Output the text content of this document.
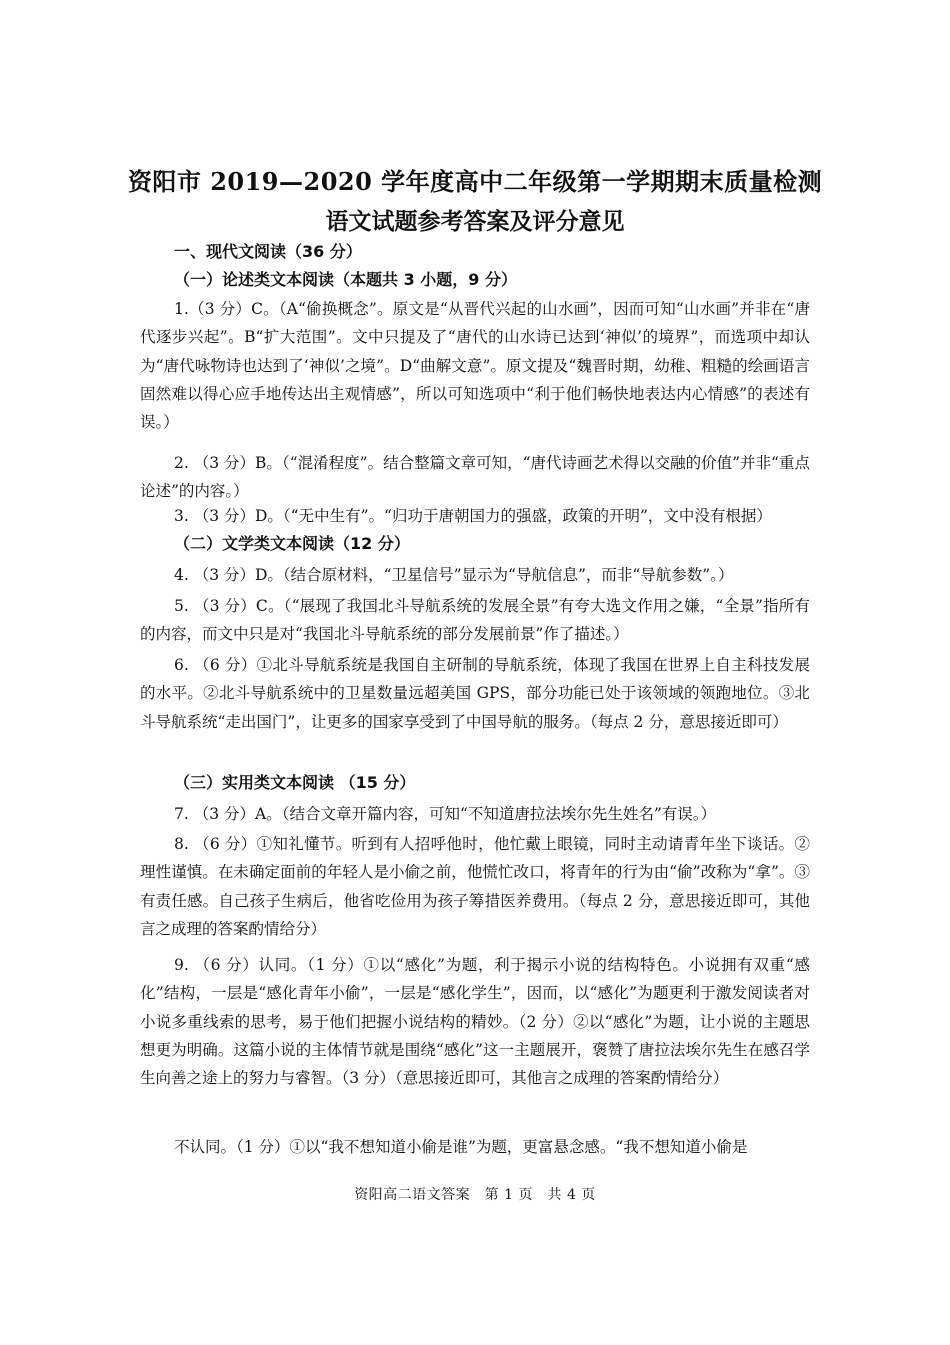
资阳市 2019—2020 学年度高中二年级第一学期期末质量检测
语文试题参考答案及评分意见
一、现代文阅读（36 分）
（一）论述类文本阅读（本题共 3 小题，9 分）
1.（3 分）C。（A“偷换概念”。原文是“从晋代兴起的山水画”，因而可知“山水画”并非在“唐代逐步兴起”。B“扩大范围”。文中只提及了“唐代的山水诗已达到‘神似’的境界”，而选项中却认为“唐代咏物诗也达到了‘神似’之境”。D“曲解文意”。原文提及“魏晋时期，幼稚、粗糙的绘画语言固然难以得心应手地传达出主观情感”，所以可知选项中“利于他们畅快地表达内心情感”的表述有误。）
2. （3 分）B。（“混淆程度”。结合整篇文章可知，“唐代诗画艺术得以交融的价值”并非“重点论述”的内容。）
3. （3 分）D。（“无中生有”。“归功于唐朝国力的强盛，政策的开明”，文中没有根据）
（二）文学类文本阅读（12 分）
4. （3 分）D。（结合原材料，“卫星信号”显示为“导航信息”，而非“导航参数”。）
5. （3 分）C。（“展现了我国北斗导航系统的发展全景”有夸大选文作用之嫌，“全景”指所有的内容，而文中只是对“我国北斗导航系统的部分发展前景”作了描述。）
6. （6 分）①北斗导航系统是我国自主研制的导航系统，体现了我国在世界上自主科技发展的水平。②北斗导航系统中的卫星数量远超美国 GPS，部分功能已处于该领域的领跑地位。③北斗导航系统“走出国门”，让更多的国家享受到了中国导航的服务。（每点 2 分，意思接近即可）
（三）实用类文本阅读 （15 分）
7. （3 分）A。（结合文章开篇内容，可知“不知道唐拉法埃尔先生姓名”有误。）
8. （6 分）①知礼懂节。听到有人招呼他时，他忙戴上眼镜，同时主动请青年坐下谈话。②理性谨慎。在未确定面前的年轻人是小偷之前，他慌忙改口，将青年的行为由“偷”改称为“拿”。③有责任感。自己孩子生病后，他省吃俭用为孩子筹措医养费用。（每点 2 分，意思接近即可，其他言之成理的答案酌情给分）
9. （6 分）认同。（1 分）①以“感化”为题，利于揭示小说的结构特色。小说拥有双重“感化”结构，一层是“感化青年小偷”，一层是“感化学生”，因而，以“感化”为题更利于激发阅读者对小说多重线索的思考，易于他们把握小说结构的精妙。（2 分）②以“感化”为题，让小说的主题思想更为明确。这篇小说的主体情节就是围绕“感化”这一主题展开，褒赞了唐拉法埃尔先生在感召学生向善之途上的努力与睿智。（3 分）（意思接近即可，其他言之成理的答案酌情给分）
不认同。（1 分）①以“我不想知道小偷是谁”为题，更富悬念感。“我不想知道小偷是
资阳高二语文答案　第 1 页　共 4 页
